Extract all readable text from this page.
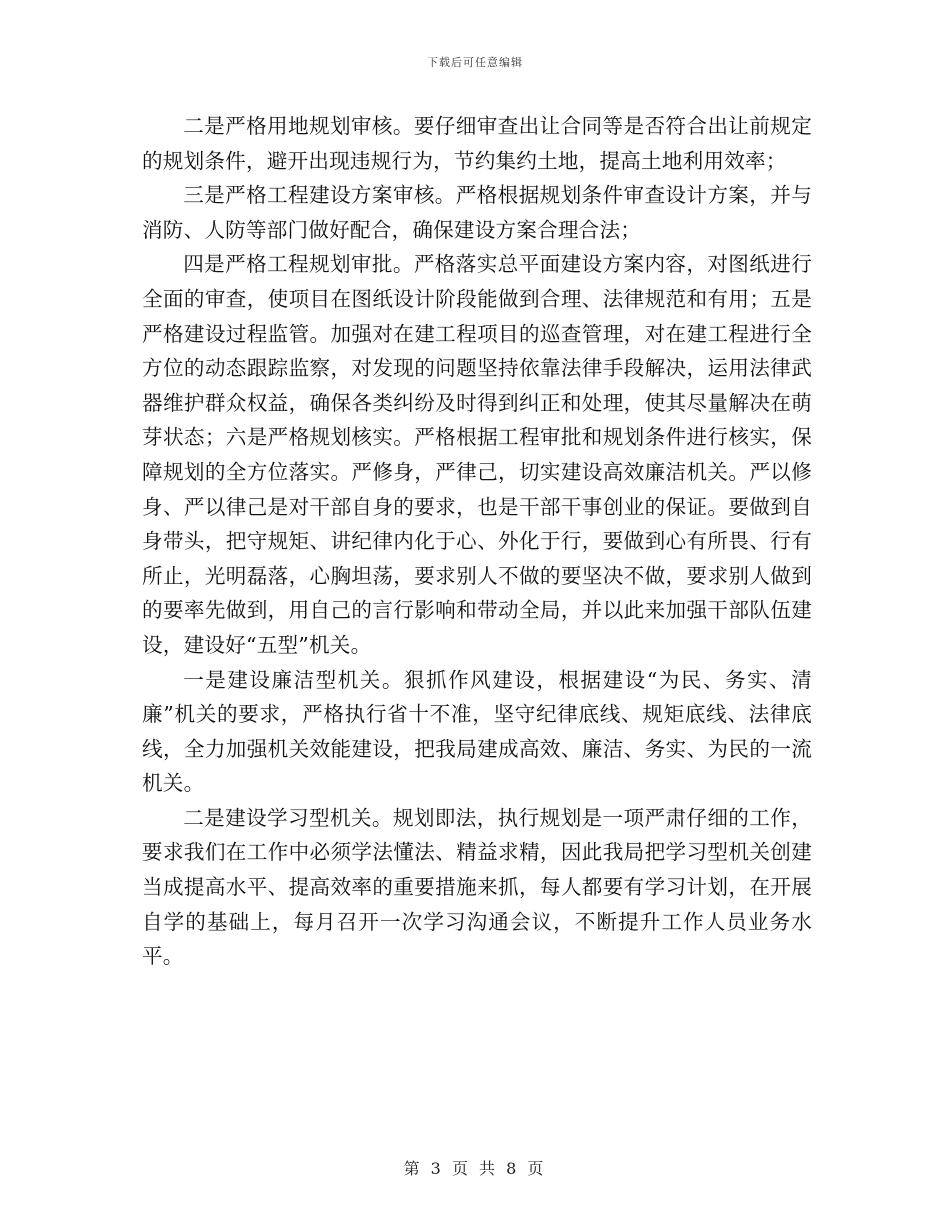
下载后可任意编辑

二是严格用地规划审核。要仔细审查出让合同等是否符合出让前规定的规划条件，避开出现违规行为，节约集约土地，提高土地利用效率；

三是严格工程建设方案审核。严格根据规划条件审查设计方案，并与消防、人防等部门做好配合，确保建设方案合理合法；

四是严格工程规划审批。严格落实总平面建设方案内容，对图纸进行全面的审查，使项目在图纸设计阶段能做到合理、法律规范和有用；五是严格建设过程监管。加强对在建工程项目的巡查管理，对在建工程进行全方位的动态跟踪监察，对发现的问题坚持依靠法律手段解决，运用法律武器维护群众权益，确保各类纠纷及时得到纠正和处理，使其尽量解决在萌芽状态；六是严格规划核实。严格根据工程审批和规划条件进行核实，保障规划的全方位落实。严修身，严律己，切实建设高效廉洁机关。严以修身、严以律己是对干部自身的要求，也是干部干事创业的保证。要做到自身带头，把守规矩、讲纪律内化于心、外化于行，要做到心有所畏、行有所止，光明磊落，心胸坦荡，要求别人不做的要坚决不做，要求别人做到的要率先做到，用自己的言行影响和带动全局，并以此来加强干部队伍建设，建设好“五型”机关。

一是建设廉洁型机关。狠抓作风建设，根据建设“为民、务实、清廉”机关的要求，严格执行省十不准，坚守纪律底线、规矩底线、法律底线，全力加强机关效能建设，把我局建成高效、廉洁、务实、为民的一流机关。

二是建设学习型机关。规划即法，执行规划是一项严肃仔细的工作，要求我们在工作中必须学法懂法、精益求精，因此我局把学习型机关创建当成提高水平、提高效率的重要措施来抓，每人都要有学习计划，在开展自学的基础上，每月召开一次学习沟通会议，不断提升工作人员业务水平。

第 3 页 共 8 页
